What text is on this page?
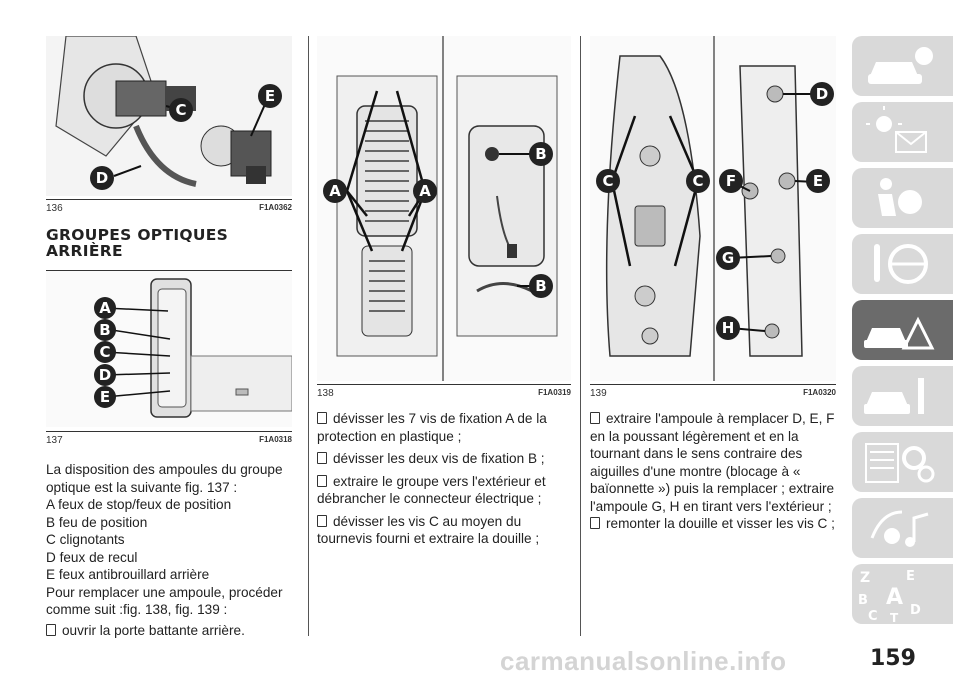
C
E
D
136	F1A0362
GROUPES OPTIQUES
ARRIÈRE
A
B
C
D
E
137	F1A0318

La disposition des ampoules du groupe optique est la suivante fig. 137 :

A feux de stop/feux de position

B feu de position

C clignotants

D feux de recul

E feux antibrouillard arrière

Pour remplacer une ampoule, procéder comme suit :fig. 138, fig. 139 :

ouvrir la porte battante arrière.

A	A
B
B
138	F1A0319

dévisser les 7 vis de fixation A de la protection en plastique ;

dévisser les deux vis de fixation B ;

extraire le groupe vers l'extérieur et débrancher le connecteur électrique ;

dévisser les vis C au moyen du tournevis fourni et extraire la douille ;

D
C	C F	E
G
H
139	F1A0320

extraire l'ampoule à remplacer D, E, F en la poussant légèrement et en la tournant dans le sens contraire des aiguilles d'une montre (blocage à « baïonnette ») puis la remplacer ; extraire l'ampoule G, H en tirant vers l'extérieur ;

remonter la douille et visser les vis C ;

Z	E
B A
C D
T
carmanualsonline.info	159
